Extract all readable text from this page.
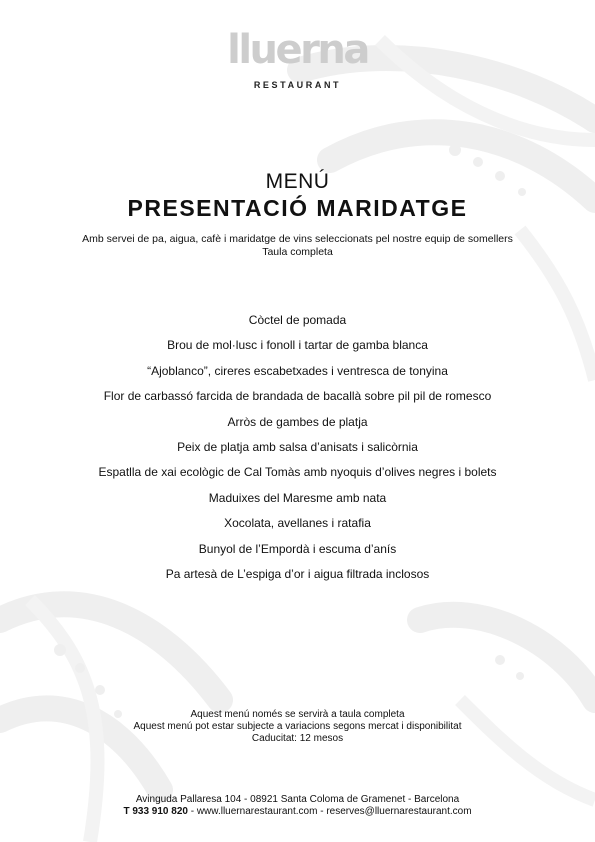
lluerna
RESTAURANT
MENÚ
PRESENTACIÓ MARIDATGE
Amb servei de pa, aigua, cafè i maridatge de vins seleccionats pel nostre equip de somellers
Taula completa
Còctel de pomada
Brou de mol·lusc i fonoll i tartar de gamba blanca
“Ajoblanco”, cireres escabetxades i ventresca de tonyina
Flor de carbassó farcida de brandada de bacallà sobre pil pil de romesco
Arròs de gambes de platja
Peix de platja amb salsa d’anisats i salicòrnia
Espatlla de xai ecològic de Cal Tomàs amb nyoquis d’olives negres i bolets
Maduixes del Maresme amb nata
Xocolata, avellanes i ratafia
Bunyol de l’Empordà i escuma d’anís
Pa artesà de L’espiga d’or i aigua filtrada inclosos
Aquest menú només se servirà a taula completa
Aquest menú pot estar subjecte a variacions segons mercat i disponibilitat
Caducitat: 12 mesos
Avinguda Pallaresa 104 - 08921 Santa Coloma de Gramenet - Barcelona
T 933 910 820 - www.lluernarestaurant.com - reserves@lluernarestaurant.com
